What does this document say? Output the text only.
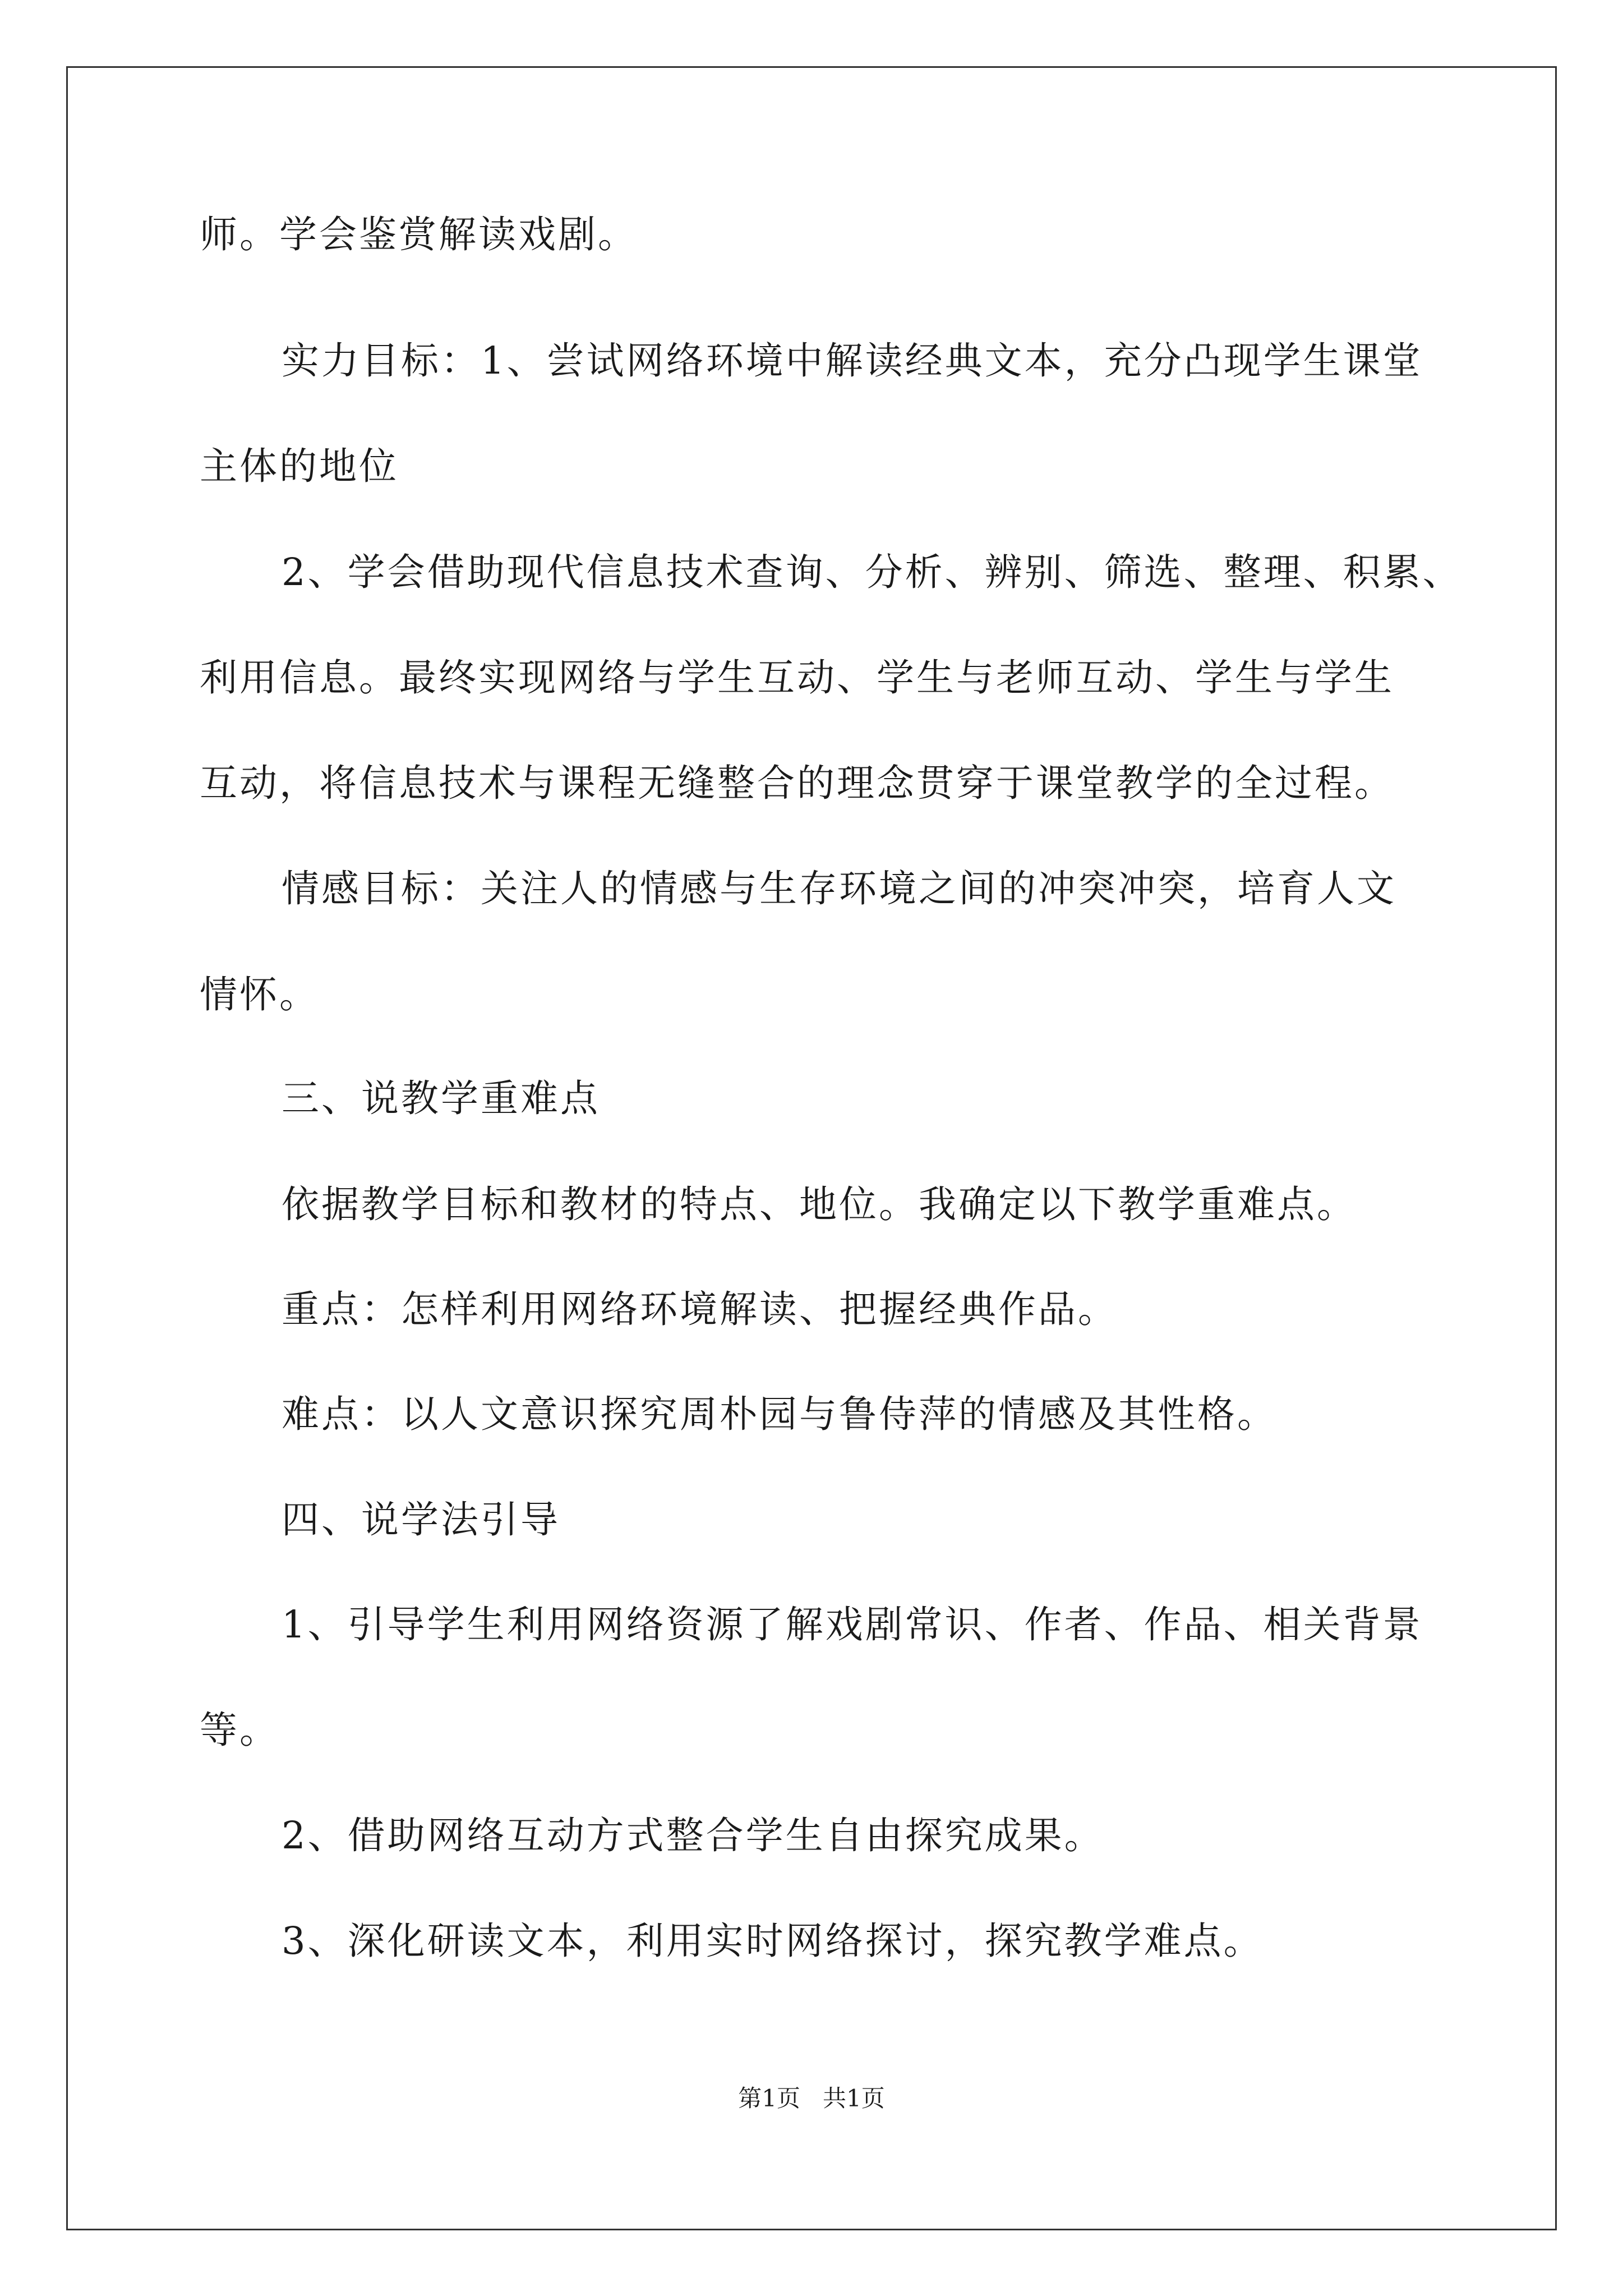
师。学会鉴赏解读戏剧。
实力目标：1、尝试网络环境中解读经典文本，充分凸现学生课堂
主体的地位
2、学会借助现代信息技术查询、分析、辨别、筛选、整理、积累、
利用信息。最终实现网络与学生互动、学生与老师互动、学生与学生
互动，将信息技术与课程无缝整合的理念贯穿于课堂教学的全过程。
情感目标：关注人的情感与生存环境之间的冲突冲突，培育人文
情怀。
三、说教学重难点
依据教学目标和教材的特点、地位。我确定以下教学重难点。
重点：怎样利用网络环境解读、把握经典作品。
难点：以人文意识探究周朴园与鲁侍萍的情感及其性格。
四、说学法引导
1、引导学生利用网络资源了解戏剧常识、作者、作品、相关背景
等。
2、借助网络互动方式整合学生自由探究成果。
3、深化研读文本，利用实时网络探讨，探究教学难点。
第1页   共1页
